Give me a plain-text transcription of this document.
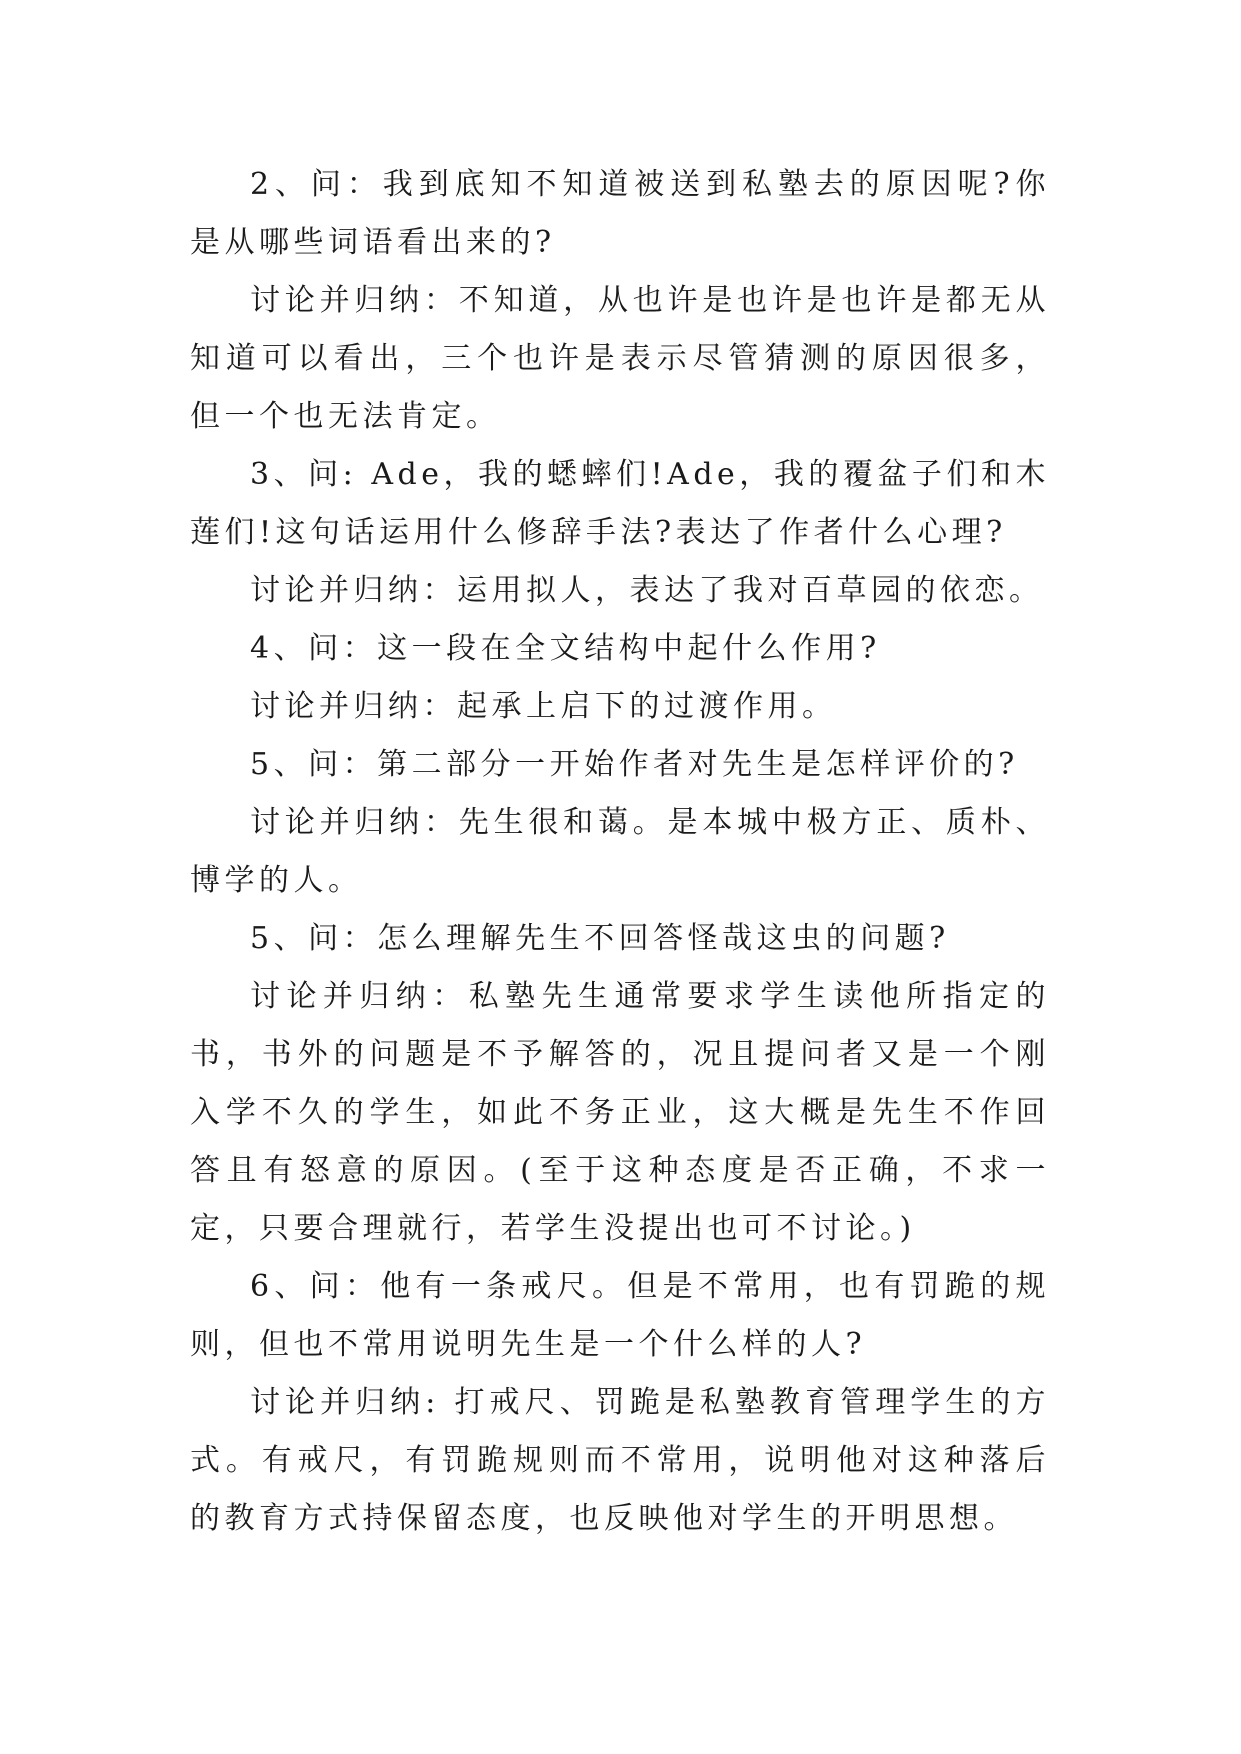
2、问：我到底知不知道被送到私塾去的原因呢?你是从哪些词语看出来的?

讨论并归纳：不知道，从也许是也许是也许是都无从知道可以看出，三个也许是表示尽管猜测的原因很多，但一个也无法肯定。

3、问: Ade，我的蟋蟀们!Ade，我的覆盆子们和木莲们!这句话运用什么修辞手法?表达了作者什么心理?

讨论并归纳：运用拟人，表达了我对百草园的依恋。

4、问：这一段在全文结构中起什么作用?

讨论并归纳：起承上启下的过渡作用。

5、问：第二部分一开始作者对先生是怎样评价的?

讨论并归纳：先生很和蔼。是本城中极方正、质朴、博学的人。

5、问：怎么理解先生不回答怪哉这虫的问题?

讨论并归纳：私塾先生通常要求学生读他所指定的书，书外的问题是不予解答的，况且提问者又是一个刚入学不久的学生，如此不务正业，这大概是先生不作回答且有怒意的原因。(至于这种态度是否正确，不求一定，只要合理就行，若学生没提出也可不讨论。)

6、问：他有一条戒尺。但是不常用，也有罚跪的规则，但也不常用说明先生是一个什么样的人?

讨论并归纳: 打戒尺、罚跪是私塾教育管理学生的方式。有戒尺，有罚跪规则而不常用，说明他对这种落后的教育方式持保留态度，也反映他对学生的开明思想。
